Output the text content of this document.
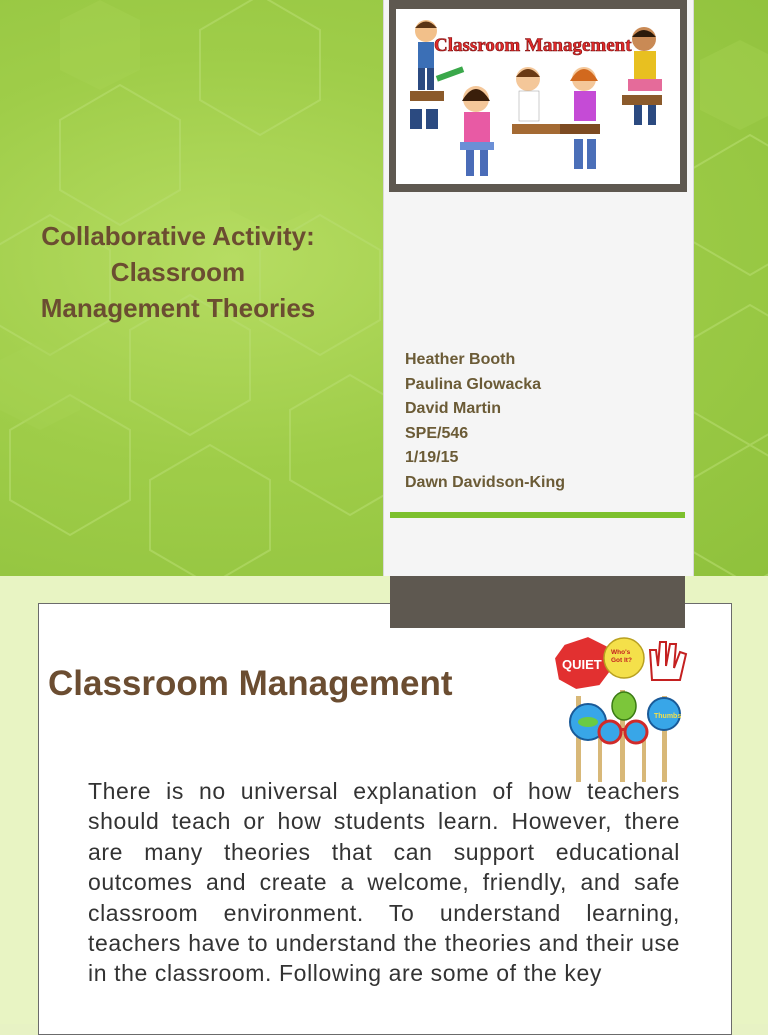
Collaborative Activity:
Classroom
Management Theories
Classroom Management
Heather Booth
Paulina Glowacka
David Martin
SPE/546
1/19/15
Dawn Davidson-King
Classroom Management	QUIET
Who's
Got It?
Thumbs
There is no universal explanation of how teachers should teach or how students learn. However, there are many theories that can support educational outcomes and create a welcome, friendly, and safe classroom environment. To understand learning, teachers have to understand the theories and their use in the classroom. Following are some of the key
